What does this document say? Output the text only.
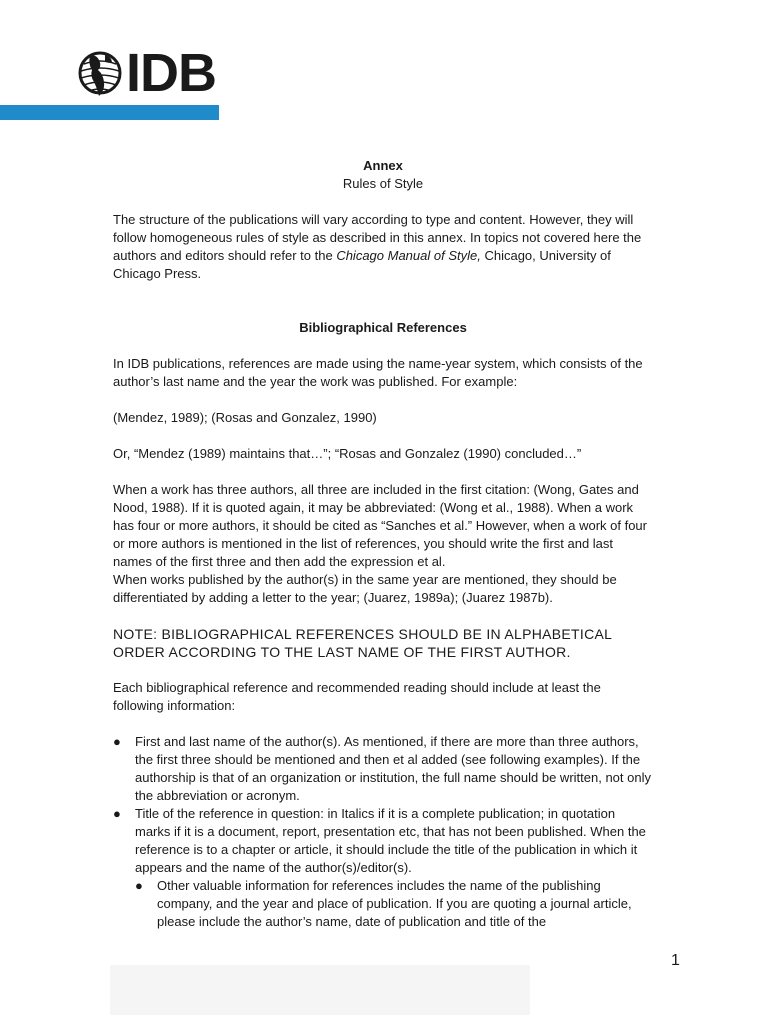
IDB

Annex

Rules of Style

The structure of the publications will vary according to type and content. However, they will follow homogeneous rules of style as described in this annex. In topics not covered here the authors and editors should refer to the Chicago Manual of Style, Chicago, University of Chicago Press.

Bibliographical References

In IDB publications, references are made using the name-year system, which consists of the author’s last name and the year the work was published. For example:

(Mendez, 1989); (Rosas and Gonzalez, 1990)

Or, “Mendez (1989) maintains that…”; “Rosas and Gonzalez (1990) concluded…”

When a work has three authors, all three are included in the first citation: (Wong, Gates and Nood, 1988). If it is quoted again, it may be abbreviated: (Wong et al., 1988). When a work has four or more authors, it should be cited as “Sanches et al.” However, when a work of four or more authors is mentioned in the list of references, you should write the first and last names of the first three and then add the expression et al.

When works published by the author(s) in the same year are mentioned, they should be differentiated by adding a letter to the year; (Juarez, 1989a); (Juarez 1987b).

NOTE: BIBLIOGRAPHICAL REFERENCES SHOULD BE IN ALPHABETICAL ORDER ACCORDING TO THE LAST NAME OF THE FIRST AUTHOR.

Each bibliographical reference and recommended reading should include at least the following information:

● First and last name of the author(s). As mentioned, if there are more than three authors, the first three should be mentioned and then et al added (see following examples). If the authorship is that of an organization or institution, the full name should be written, not only the abbreviation or acronym.
● Title of the reference in question: in Italics if it is a complete publication; in quotation marks if it is a document, report, presentation etc, that has not been published. When the reference is to a chapter or article, it should include the title of the publication in which it appears and the name of the author(s)/editor(s).
● Other valuable information for references includes the name of the publishing company, and the year and place of publication. If you are quoting a journal article, please include the author’s name, date of publication and title of the
1
